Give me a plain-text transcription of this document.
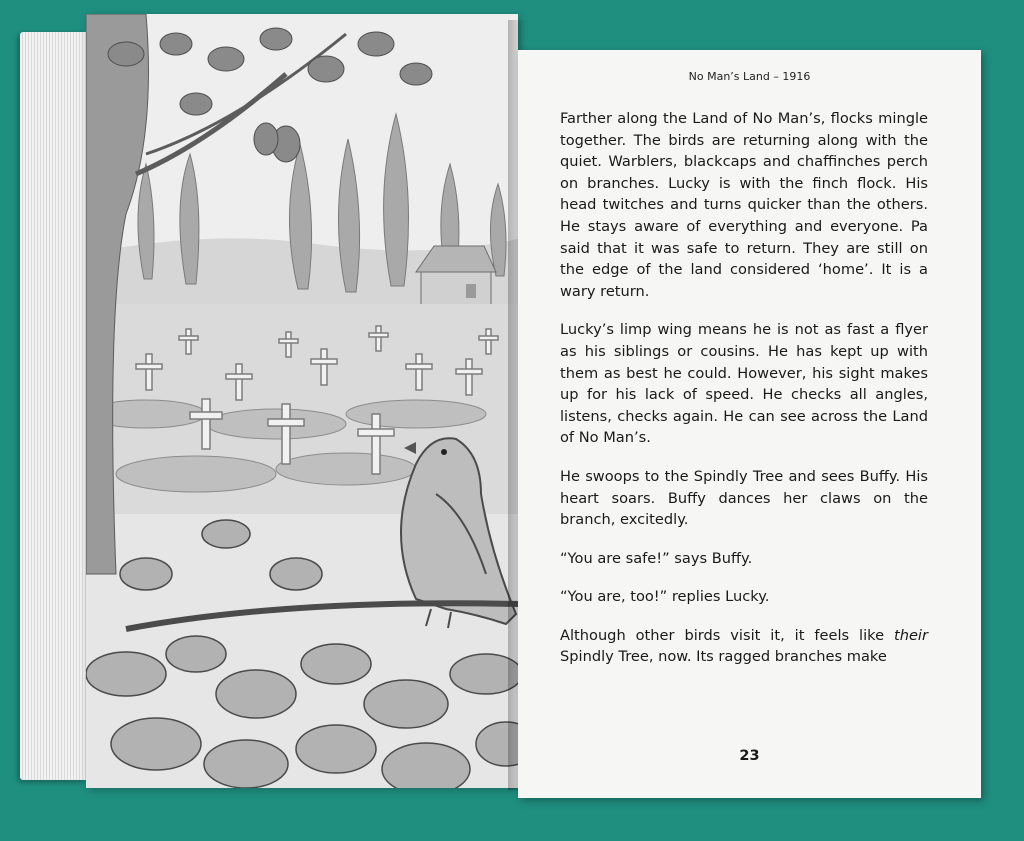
No Man’s Land – 1916

Farther along the Land of No Man’s, flocks mingle together. The birds are returning along with the quiet. Warblers, blackcaps and chaffinches perch on branches. Lucky is with the finch flock. His head twitches and turns quicker than the others. He stays aware of everything and everyone. Pa said that it was safe to return. They are still on the edge of the land considered ‘home’. It is a wary return.

Lucky’s limp wing means he is not as fast a flyer as his siblings or cousins. He has kept up with them as best he could. However, his sight makes up for his lack of speed. He checks all angles, listens, checks again. He can see across the Land of No Man’s.

He swoops to the Spindly Tree and sees Buffy. His heart soars. Buffy dances her claws on the branch, excitedly.

“You are safe!” says Buffy.

“You are, too!” replies Lucky.

Although other birds visit it, it feels like their Spindly Tree, now. Its ragged branches make

23
